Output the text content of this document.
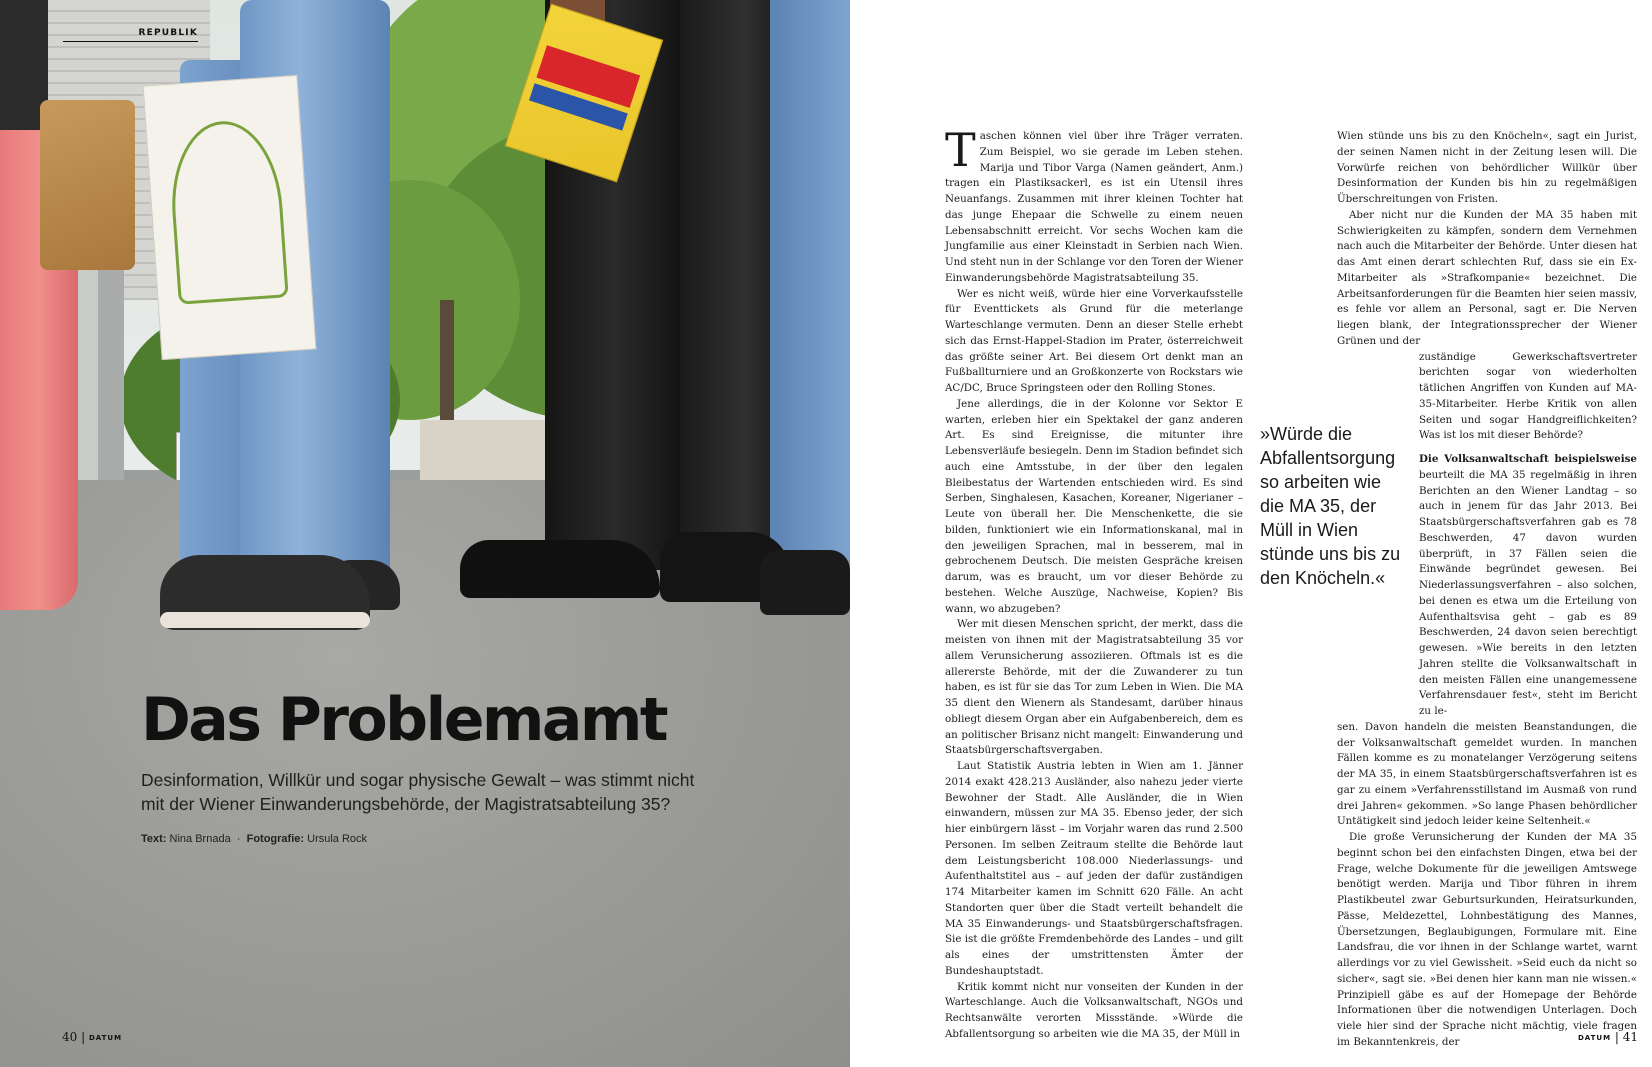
REPUBLIK
Das Problemamt

Desinformation, Willkür und sogar physische Gewalt – was stimmt nicht mit der Wiener Einwanderungsbehörde, der Magistratsabteilung 35?

Text: Nina Brnada · Fotografie: Ursula Rock
40 | DATUM

Taschen können viel über ihre Träger verraten. Zum Beispiel, wo sie gerade im Leben stehen. Marija und Tibor Varga (Namen geändert, Anm.) tragen ein Plastiksackerl, es ist ein Utensil ihres Neuanfangs. Zusammen mit ihrer kleinen Tochter hat das junge Ehepaar die Schwelle zu einem neuen Lebensabschnitt erreicht. Vor sechs Wochen kam die Jungfamilie aus einer Kleinstadt in Serbien nach Wien. Und steht nun in der Schlange vor den Toren der Wiener Einwanderungsbehörde Magistratsabteilung 35.

Wer es nicht weiß, würde hier eine Vorverkaufsstelle für Eventtickets als Grund für die meterlange Warteschlange vermuten. Denn an dieser Stelle erhebt sich das Ernst-Happel-Stadion im Prater, österreichweit das größte seiner Art. Bei diesem Ort denkt man an Fußballturniere und an Großkonzerte von Rockstars wie AC/DC, Bruce Springsteen oder den Rolling Stones.

Jene allerdings, die in der Kolonne vor Sektor E warten, erleben hier ein Spektakel der ganz anderen Art. Es sind Ereignisse, die mitunter ihre Lebensverläufe besiegeln. Denn im Stadion befindet sich auch eine Amtsstube, in der über den legalen Bleibestatus der Wartenden entschieden wird. Es sind Serben, Singhalesen, Kasachen, Koreaner, Nigerianer – Leute von überall her. Die Menschenkette, die sie bilden, funktioniert wie ein Informationskanal, mal in den jeweiligen Sprachen, mal in besserem, mal in gebrochenem Deutsch. Die meisten Gespräche kreisen darum, was es braucht, um vor dieser Behörde zu bestehen. Welche Auszüge, Nachweise, Kopien? Bis wann, wo abzugeben?

Wer mit diesen Menschen spricht, der merkt, dass die meisten von ihnen mit der Magistratsabteilung 35 vor allem Verunsicherung assoziieren. Oftmals ist es die allererste Behörde, mit der die Zuwanderer zu tun haben, es ist für sie das Tor zum Leben in Wien. Die MA 35 dient den Wienern als Standesamt, darüber hinaus obliegt diesem Organ aber ein Aufgabenbereich, dem es an politischer Brisanz nicht mangelt: Einwanderung und Staatsbürgerschaftsvergaben.

Laut Statistik Austria lebten in Wien am 1. Jänner 2014 exakt 428.213 Ausländer, also nahezu jeder vierte Bewohner der Stadt. Alle Ausländer, die in Wien einwandern, müssen zur MA 35. Ebenso jeder, der sich hier einbürgern lässt – im Vorjahr waren das rund 2.500 Personen. Im selben Zeitraum stellte die Behörde laut dem Leistungsbericht 108.000 Niederlassungs- und Aufenthaltstitel aus – auf jeden der dafür zuständigen 174 Mitarbeiter kamen im Schnitt 620 Fälle. An acht Standorten quer über die Stadt verteilt behandelt die MA 35 Einwanderungs- und Staatsbürgerschaftsfragen. Sie ist die größte Fremdenbehörde des Landes – und gilt als eines der umstrittensten Ämter der Bundeshauptstadt.

Kritik kommt nicht nur vonseiten der Kunden in der Warteschlange. Auch die Volksanwaltschaft, NGOs und Rechtsanwälte verorten Missstände. »Würde die Abfallentsorgung so arbeiten wie die MA 35, der Müll in

»Würde die Abfallentsorgung so arbeiten wie die MA 35, der Müll in Wien stünde uns bis zu den Knöcheln.«

Wien stünde uns bis zu den Knöcheln«, sagt ein Jurist, der seinen Namen nicht in der Zeitung lesen will. Die Vorwürfe reichen von behördlicher Willkür über Desinformation der Kunden bis hin zu regelmäßigen Überschreitungen von Fristen.

Aber nicht nur die Kunden der MA 35 haben mit Schwierigkeiten zu kämpfen, sondern dem Vernehmen nach auch die Mitarbeiter der Behörde. Unter diesen hat das Amt einen derart schlechten Ruf, dass sie ein Ex-Mitarbeiter als »Strafkompanie« bezeichnet. Die Arbeitsanforderungen für die Beamten hier seien massiv, es fehle vor allem an Personal, sagt er. Die Nerven liegen blank, der Integrationssprecher der Wiener Grünen und der

zuständige Gewerkschaftsvertreter berichten sogar von wiederholten tätlichen Angriffen von Kunden auf MA-35-Mitarbeiter. Herbe Kritik von allen Seiten und sogar Handgreiflichkeiten? Was ist los mit dieser Behörde?

Die Volksanwaltschaft beispielsweise beurteilt die MA 35 regelmäßig in ihren Berichten an den Wiener Landtag – so auch in jenem für das Jahr 2013. Bei Staatsbürgerschaftsverfahren gab es 78 Beschwerden, 47 davon wurden überprüft, in 37 Fällen seien die Einwände begründet gewesen. Bei Niederlassungsverfahren – also solchen, bei denen es etwa um die Erteilung von Aufenthaltsvisa geht – gab es 89 Beschwerden, 24 davon seien berechtigt gewesen. »Wie bereits in den letzten Jahren stellte die Volksanwaltschaft in den meisten Fällen eine unangemessene Verfahrensdauer fest«, steht im Bericht zu le-

sen. Davon handeln die meisten Beanstandungen, die der Volksanwaltschaft gemeldet wurden. In manchen Fällen komme es zu monatelanger Verzögerung seitens der MA 35, in einem Staatsbürgerschaftsverfahren ist es gar zu einem »Verfahrensstillstand im Ausmaß von rund drei Jahren« gekommen. »So lange Phasen behördlicher Untätigkeit sind jedoch leider keine Seltenheit.«

Die große Verunsicherung der Kunden der MA 35 beginnt schon bei den einfachsten Dingen, etwa bei der Frage, welche Dokumente für die jeweiligen Amtswege benötigt werden. Marija und Tibor führen in ihrem Plastikbeutel zwar Geburtsurkunden, Heiratsurkunden, Pässe, Meldezettel, Lohnbestätigung des Mannes, Übersetzungen, Beglaubigungen, Formulare mit. Eine Landsfrau, die vor ihnen in der Schlange wartet, warnt allerdings vor zu viel Gewissheit. »Seid euch da nicht so sicher«, sagt sie. »Bei denen hier kann man nie wissen.« Prinzipiell gäbe es auf der Homepage der Behörde Informationen über die notwendigen Unterlagen. Doch viele hier sind der Sprache nicht mächtig, viele fragen im Bekanntenkreis, der	DATUM | 41
